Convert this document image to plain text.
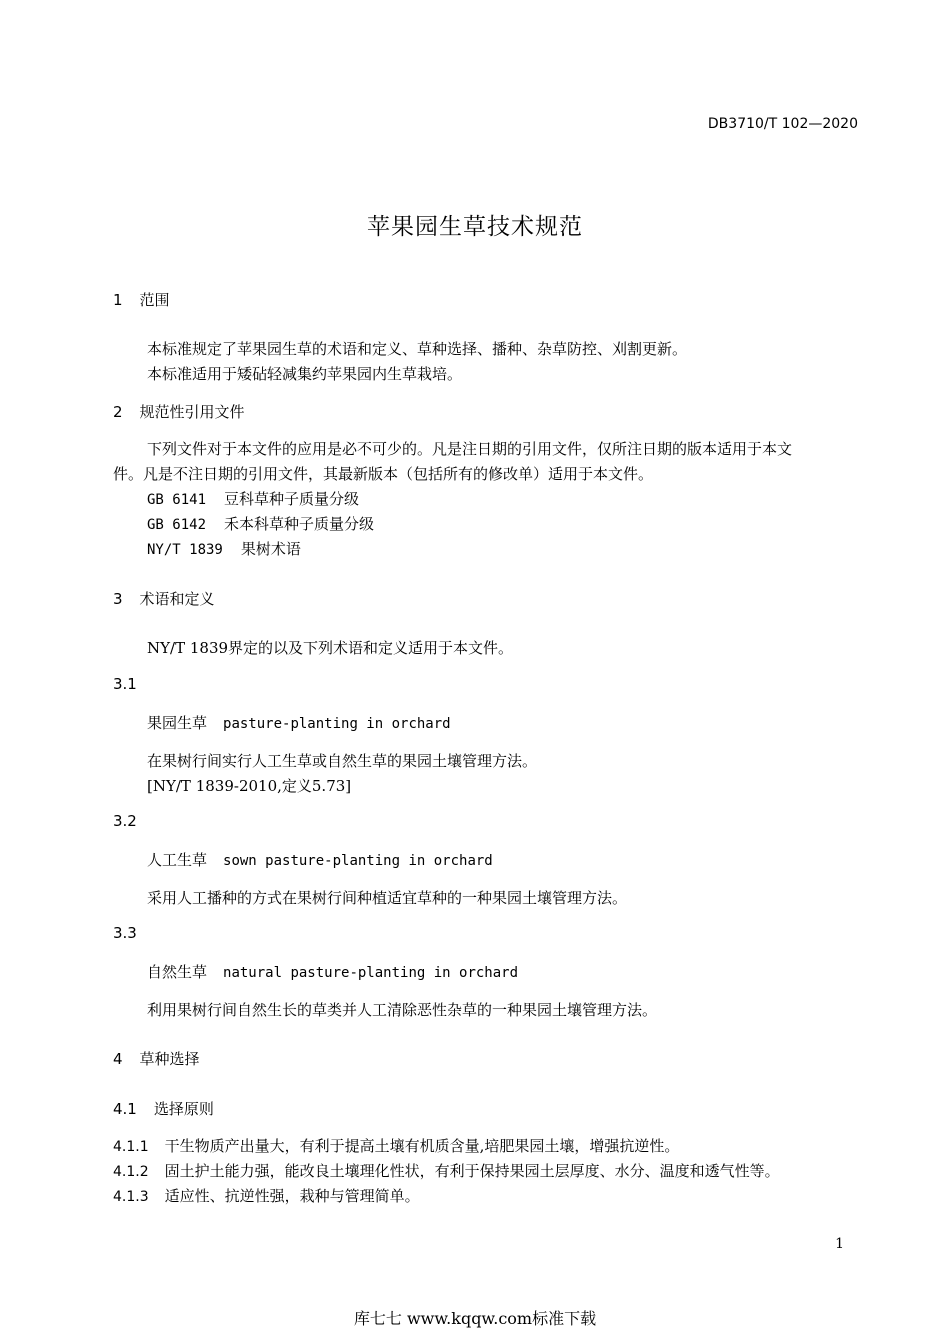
DB3710/T 102—2020
苹果园生草技术规范
1 范围
本标准规定了苹果园生草的术语和定义、草种选择、播种、杂草防控、刈割更新。
本标准适用于矮砧轻减集约苹果园内生草栽培。
2 规范性引用文件
下列文件对于本文件的应用是必不可少的。凡是注日期的引用文件，仅所注日期的版本适用于本文
件。凡是不注日期的引用文件，其最新版本（包括所有的修改单）适用于本文件。
GB 6141 豆科草种子质量分级
GB 6142 禾本科草种子质量分级
NY/T 1839 果树术语
3 术语和定义
NY/T 1839界定的以及下列术语和定义适用于本文件。
3.1
果园生草 pasture-planting in orchard
在果树行间实行人工生草或自然生草的果园土壤管理方法。
[NY/T 1839-2010,定义5.73]
3.2
人工生草 sown pasture-planting in orchard
采用人工播种的方式在果树行间种植适宜草种的一种果园土壤管理方法。
3.3
自然生草 natural pasture-planting in orchard
利用果树行间自然生长的草类并人工清除恶性杂草的一种果园土壤管理方法。
4 草种选择
4.1 选择原则
4.1.1 干生物质产出量大，有利于提高土壤有机质含量,培肥果园土壤，增强抗逆性。
4.1.2 固土护土能力强，能改良土壤理化性状，有利于保持果园土层厚度、水分、温度和透气性等。
4.1.3 适应性、抗逆性强，栽种与管理简单。
1
库七七 www.kqqw.com标准下载
